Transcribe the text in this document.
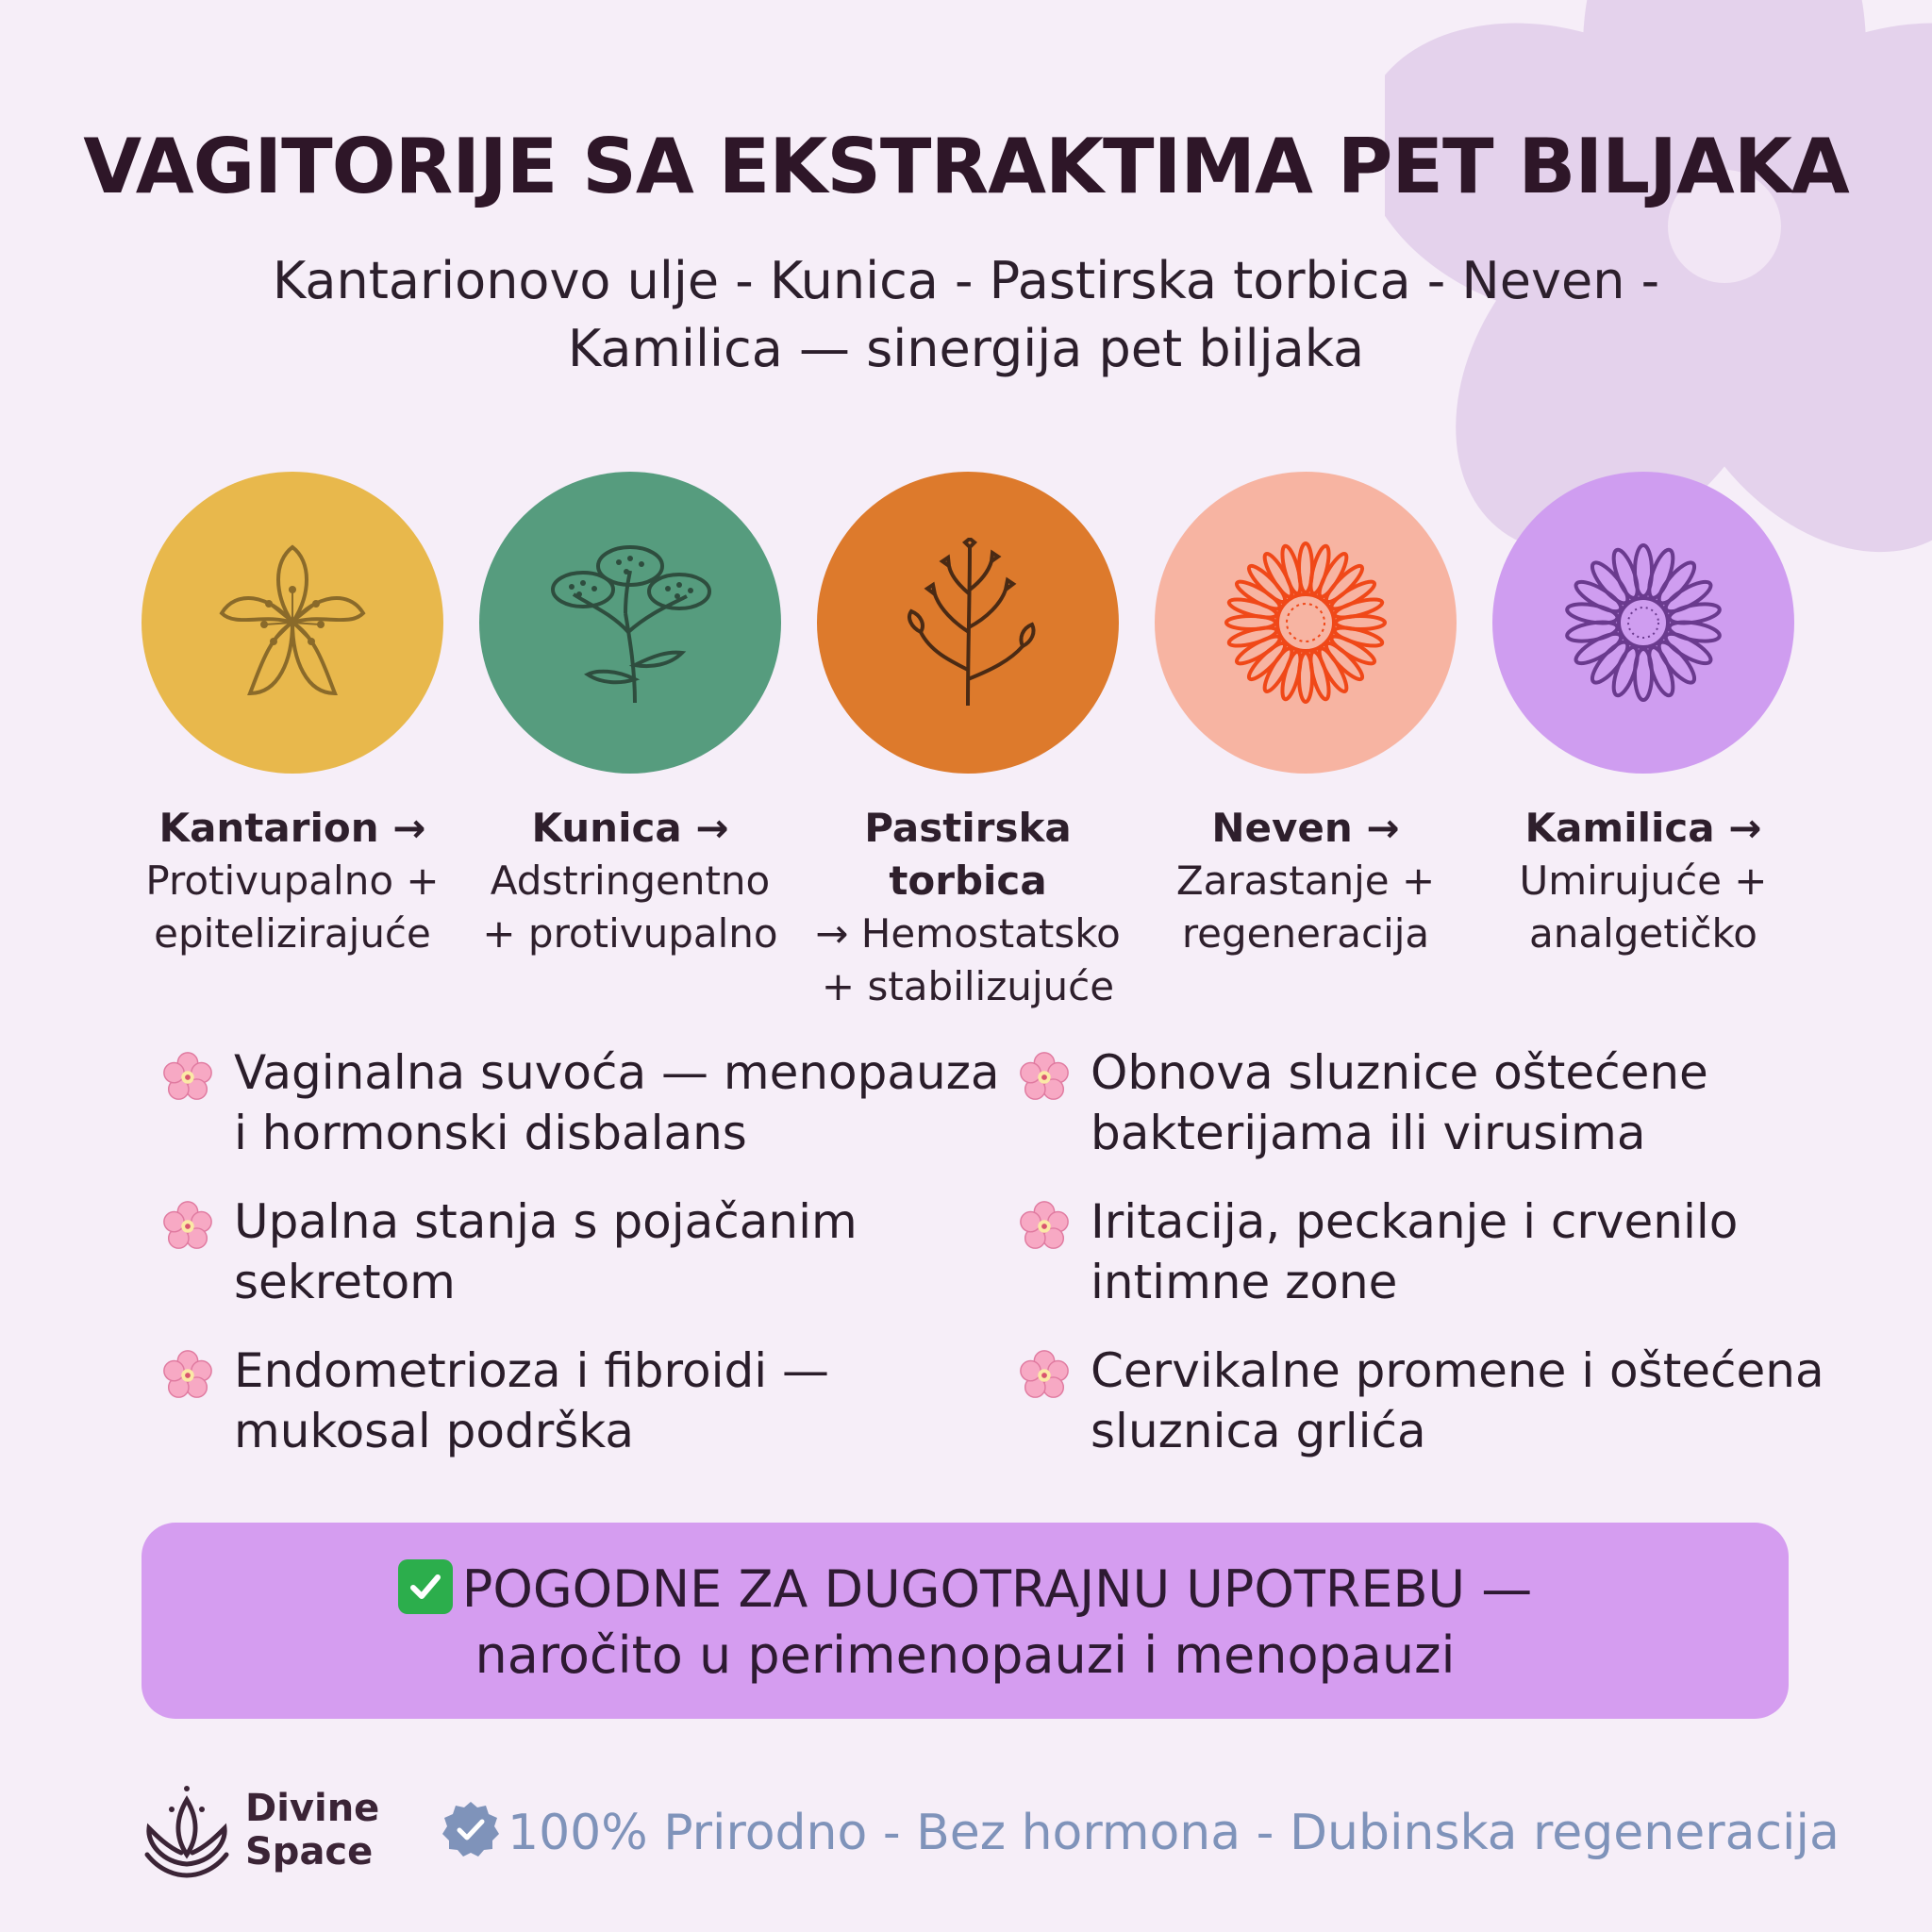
VAGITORIJE SA EKSTRAKTIMA PET BILJAKA
Kantarionovo ulje - Kunica - Pastirska torbica - Neven -
Kamilica — sinergija pet biljaka
Kantarion →
Protivupalno +
epitelizirajuće
Kunica →
Adstringentno
+ protivupalno
Pastirska torbica
→ Hemostatsko
+ stabilizujuće
Neven →
Zarastanje +
regeneracija
Kamilica →
Umirujuće +
analgetičko
Vaginalna suvoća — menopauza
i hormonski disbalans
Upalna stanja s pojačanim
sekretom
Endometrioza i fibroidi —
mukosal podrška
Obnova sluznice oštećene
bakterijama ili virusima
Iritacija, peckanje i crvenilo
intimne zone
Cervikalne promene i oštećena
sluznica grlića
POGODNE ZA DUGOTRAJNU UPOTREBU —
naročito u perimenopauzi i menopauzi
Divine
Space	100% Prirodno - Bez hormona - Dubinska regeneracija
